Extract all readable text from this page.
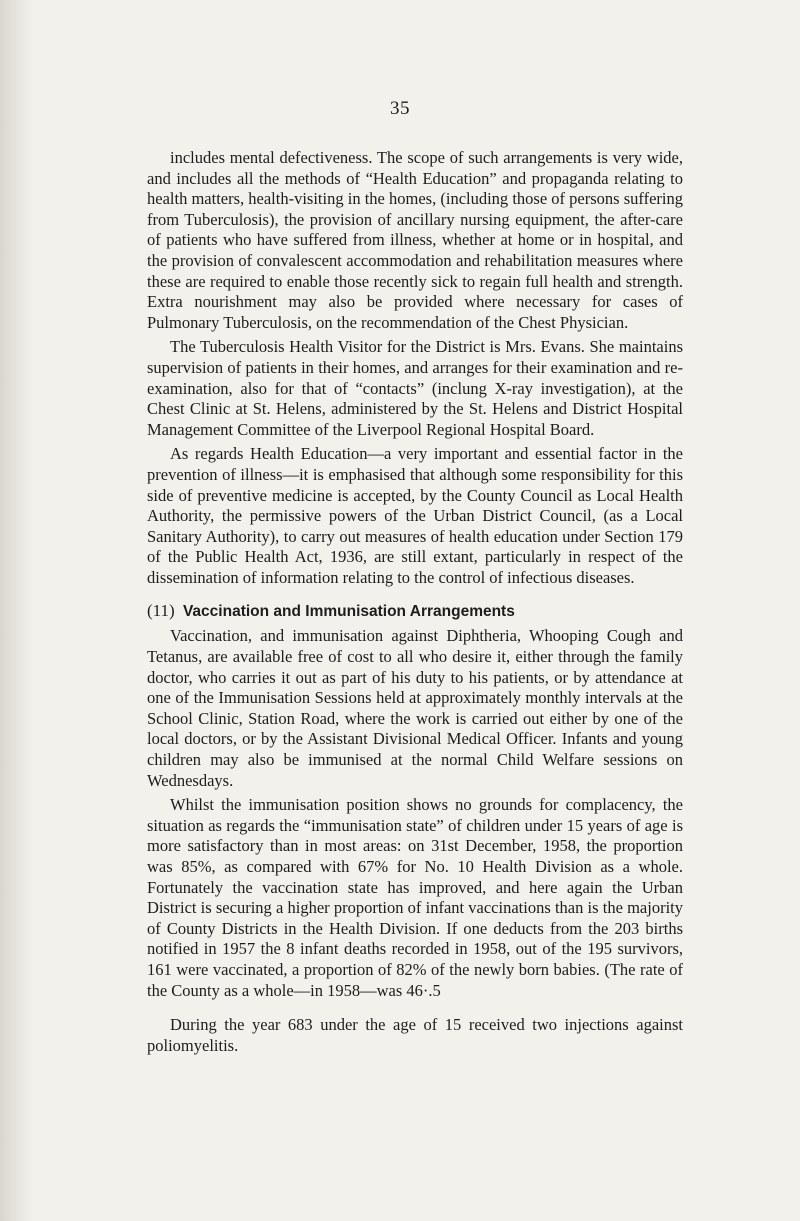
35

includes mental defectiveness. The scope of such arrangements is very wide, and includes all the methods of “Health Education” and propaganda relating to health matters, health-visiting in the homes, (including those of persons suffering from Tuberculosis), the provision of ancillary nursing equipment, the after-care of patients who have suffered from illness, whether at home or in hospital, and the provision of convalescent accommodation and rehabilitation measures where these are required to enable those recently sick to regain full health and strength. Extra nourishment may also be provided where necessary for cases of Pulmonary Tuberculosis, on the recommendation of the Chest Physician.

The Tuberculosis Health Visitor for the District is Mrs. Evans. She maintains supervision of patients in their homes, and arranges for their examination and re-examination, also for that of “contacts” (inclung X-ray investigation), at the Chest Clinic at St. Helens, administered by the St. Helens and District Hospital Management Committee of the Liverpool Regional Hospital Board.

As regards Health Education—a very important and essential factor in the prevention of illness—it is emphasised that although some responsibility for this side of preventive medicine is accepted, by the County Council as Local Health Authority, the permissive powers of the Urban District Council, (as a Local Sanitary Authority), to carry out measures of health education under Section 179 of the Public Health Act, 1936, are still extant, particularly in respect of the dissemination of information relating to the control of infectious diseases.

(11) Vaccination and Immunisation Arrangements

Vaccination, and immunisation against Diphtheria, Whooping Cough and Tetanus, are available free of cost to all who desire it, either through the family doctor, who carries it out as part of his duty to his patients, or by attendance at one of the Immunisation Sessions held at approximately monthly intervals at the School Clinic, Station Road, where the work is carried out either by one of the local doctors, or by the Assistant Divisional Medical Officer. Infants and young children may also be immunised at the normal Child Welfare sessions on Wednesdays.

Whilst the immunisation position shows no grounds for complacency, the situation as regards the “immunisation state” of children under 15 years of age is more satisfactory than in most areas: on 31st December, 1958, the proportion was 85%, as compared with 67% for No. 10 Health Division as a whole. Fortunately the vaccination state has improved, and here again the Urban District is securing a higher proportion of infant vaccinations than is the majority of County Districts in the Health Division. If one deducts from the 203 births notified in 1957 the 8 infant deaths recorded in 1958, out of the 195 survivors, 161 were vaccinated, a proportion of 82% of the newly born babies. (The rate of the County as a whole—in 1958—was 46·.5

During the year 683 under the age of 15 received two injections against poliomyelitis.
